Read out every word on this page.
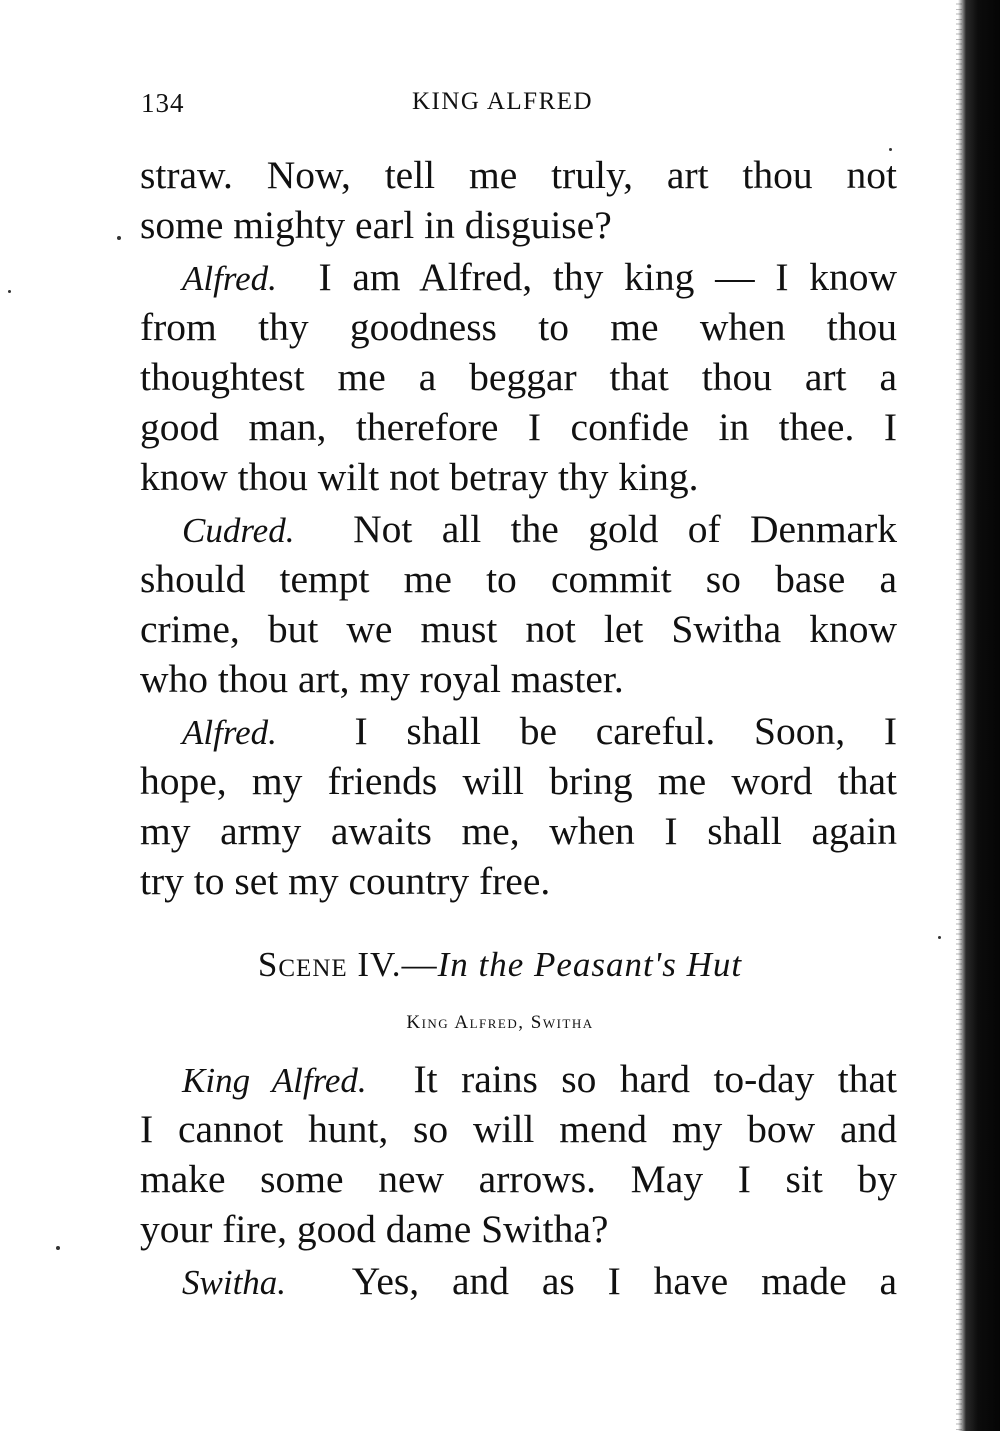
134	KING ALFRED
straw. Now, tell me truly, art thou not
some mighty earl in disguise?
Alfred. I am Alfred, thy king — I know
from thy goodness to me when thou
thoughtest me a beggar that thou art a
good man, therefore I confide in thee. I
know thou wilt not betray thy king.
Cudred. Not all the gold of Denmark
should tempt me to commit so base a
crime, but we must not let Switha know
who thou art, my royal master.
Alfred. I shall be careful. Soon, I
hope, my friends will bring me word that
my army awaits me, when I shall again
try to set my country free.
Scene IV.—In the Peasant's Hut
King Alfred, Switha
King Alfred. It rains so hard to-day that
I cannot hunt, so will mend my bow and
make some new arrows. May I sit by
your fire, good dame Switha?
Switha. Yes, and as I have made a
